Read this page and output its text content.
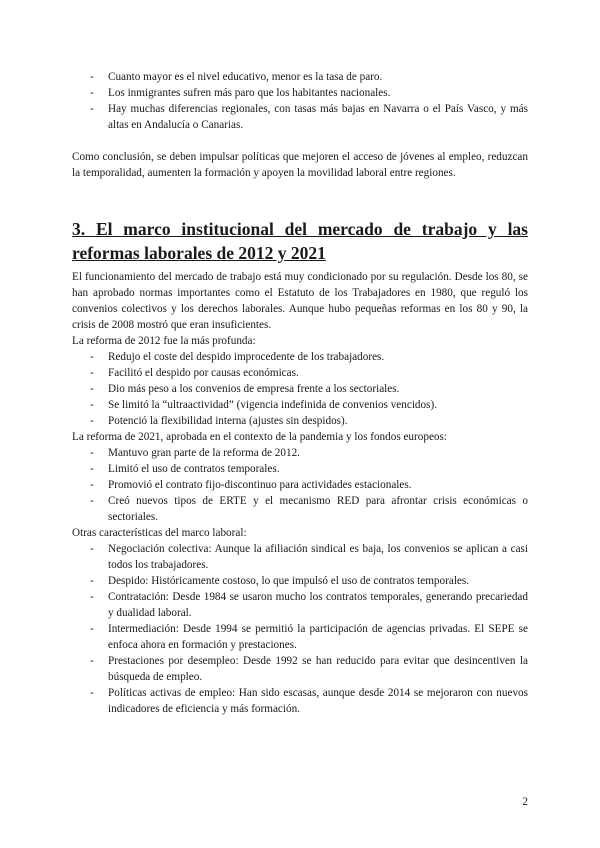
- Cuanto mayor es el nivel educativo, menor es la tasa de paro.
- Los inmigrantes sufren más paro que los habitantes nacionales.
- Hay muchas diferencias regionales, con tasas más bajas en Navarra o el País Vasco, y más altas en Andalucía o Canarias.

Como conclusión, se deben impulsar políticas que mejoren el acceso de jóvenes al empleo, reduzcan la temporalidad, aumenten la formación y apoyen la movilidad laboral entre regiones.

3. El marco institucional del mercado de trabajo y las reformas laborales de 2012 y 2021

El funcionamiento del mercado de trabajo está muy condicionado por su regulación. Desde los 80, se han aprobado normas importantes como el Estatuto de los Trabajadores en 1980, que reguló los convenios colectivos y los derechos laborales. Aunque hubo pequeñas reformas en los 80 y 90, la crisis de 2008 mostró que eran insuficientes.

La reforma de 2012 fue la más profunda:

- Redujo el coste del despido improcedente de los trabajadores.
- Facilitó el despido por causas económicas.
- Dio más peso a los convenios de empresa frente a los sectoriales.
- Se limitó la “ultraactividad” (vigencia indefinida de convenios vencidos).
- Potenció la flexibilidad interna (ajustes sin despidos).

La reforma de 2021, aprobada en el contexto de la pandemia y los fondos europeos:

- Mantuvo gran parte de la reforma de 2012.
- Limitó el uso de contratos temporales.
- Promovió el contrato fijo-discontinuo para actividades estacionales.
- Creó nuevos tipos de ERTE y el mecanismo RED para afrontar crisis económicas o sectoriales.

Otras características del marco laboral:

- Negociación colectiva: Aunque la afiliación sindical es baja, los convenios se aplican a casi todos los trabajadores.
- Despido: Históricamente costoso, lo que impulsó el uso de contratos temporales.
- Contratación: Desde 1984 se usaron mucho los contratos temporales, generando precariedad y dualidad laboral.
- Intermediación: Desde 1994 se permitió la participación de agencias privadas. El SEPE se enfoca ahora en formación y prestaciones.
- Prestaciones por desempleo: Desde 1992 se han reducido para evitar que desincentiven la búsqueda de empleo.
- Políticas activas de empleo: Han sido escasas, aunque desde 2014 se mejoraron con nuevos indicadores de eficiencia y más formación.
2
